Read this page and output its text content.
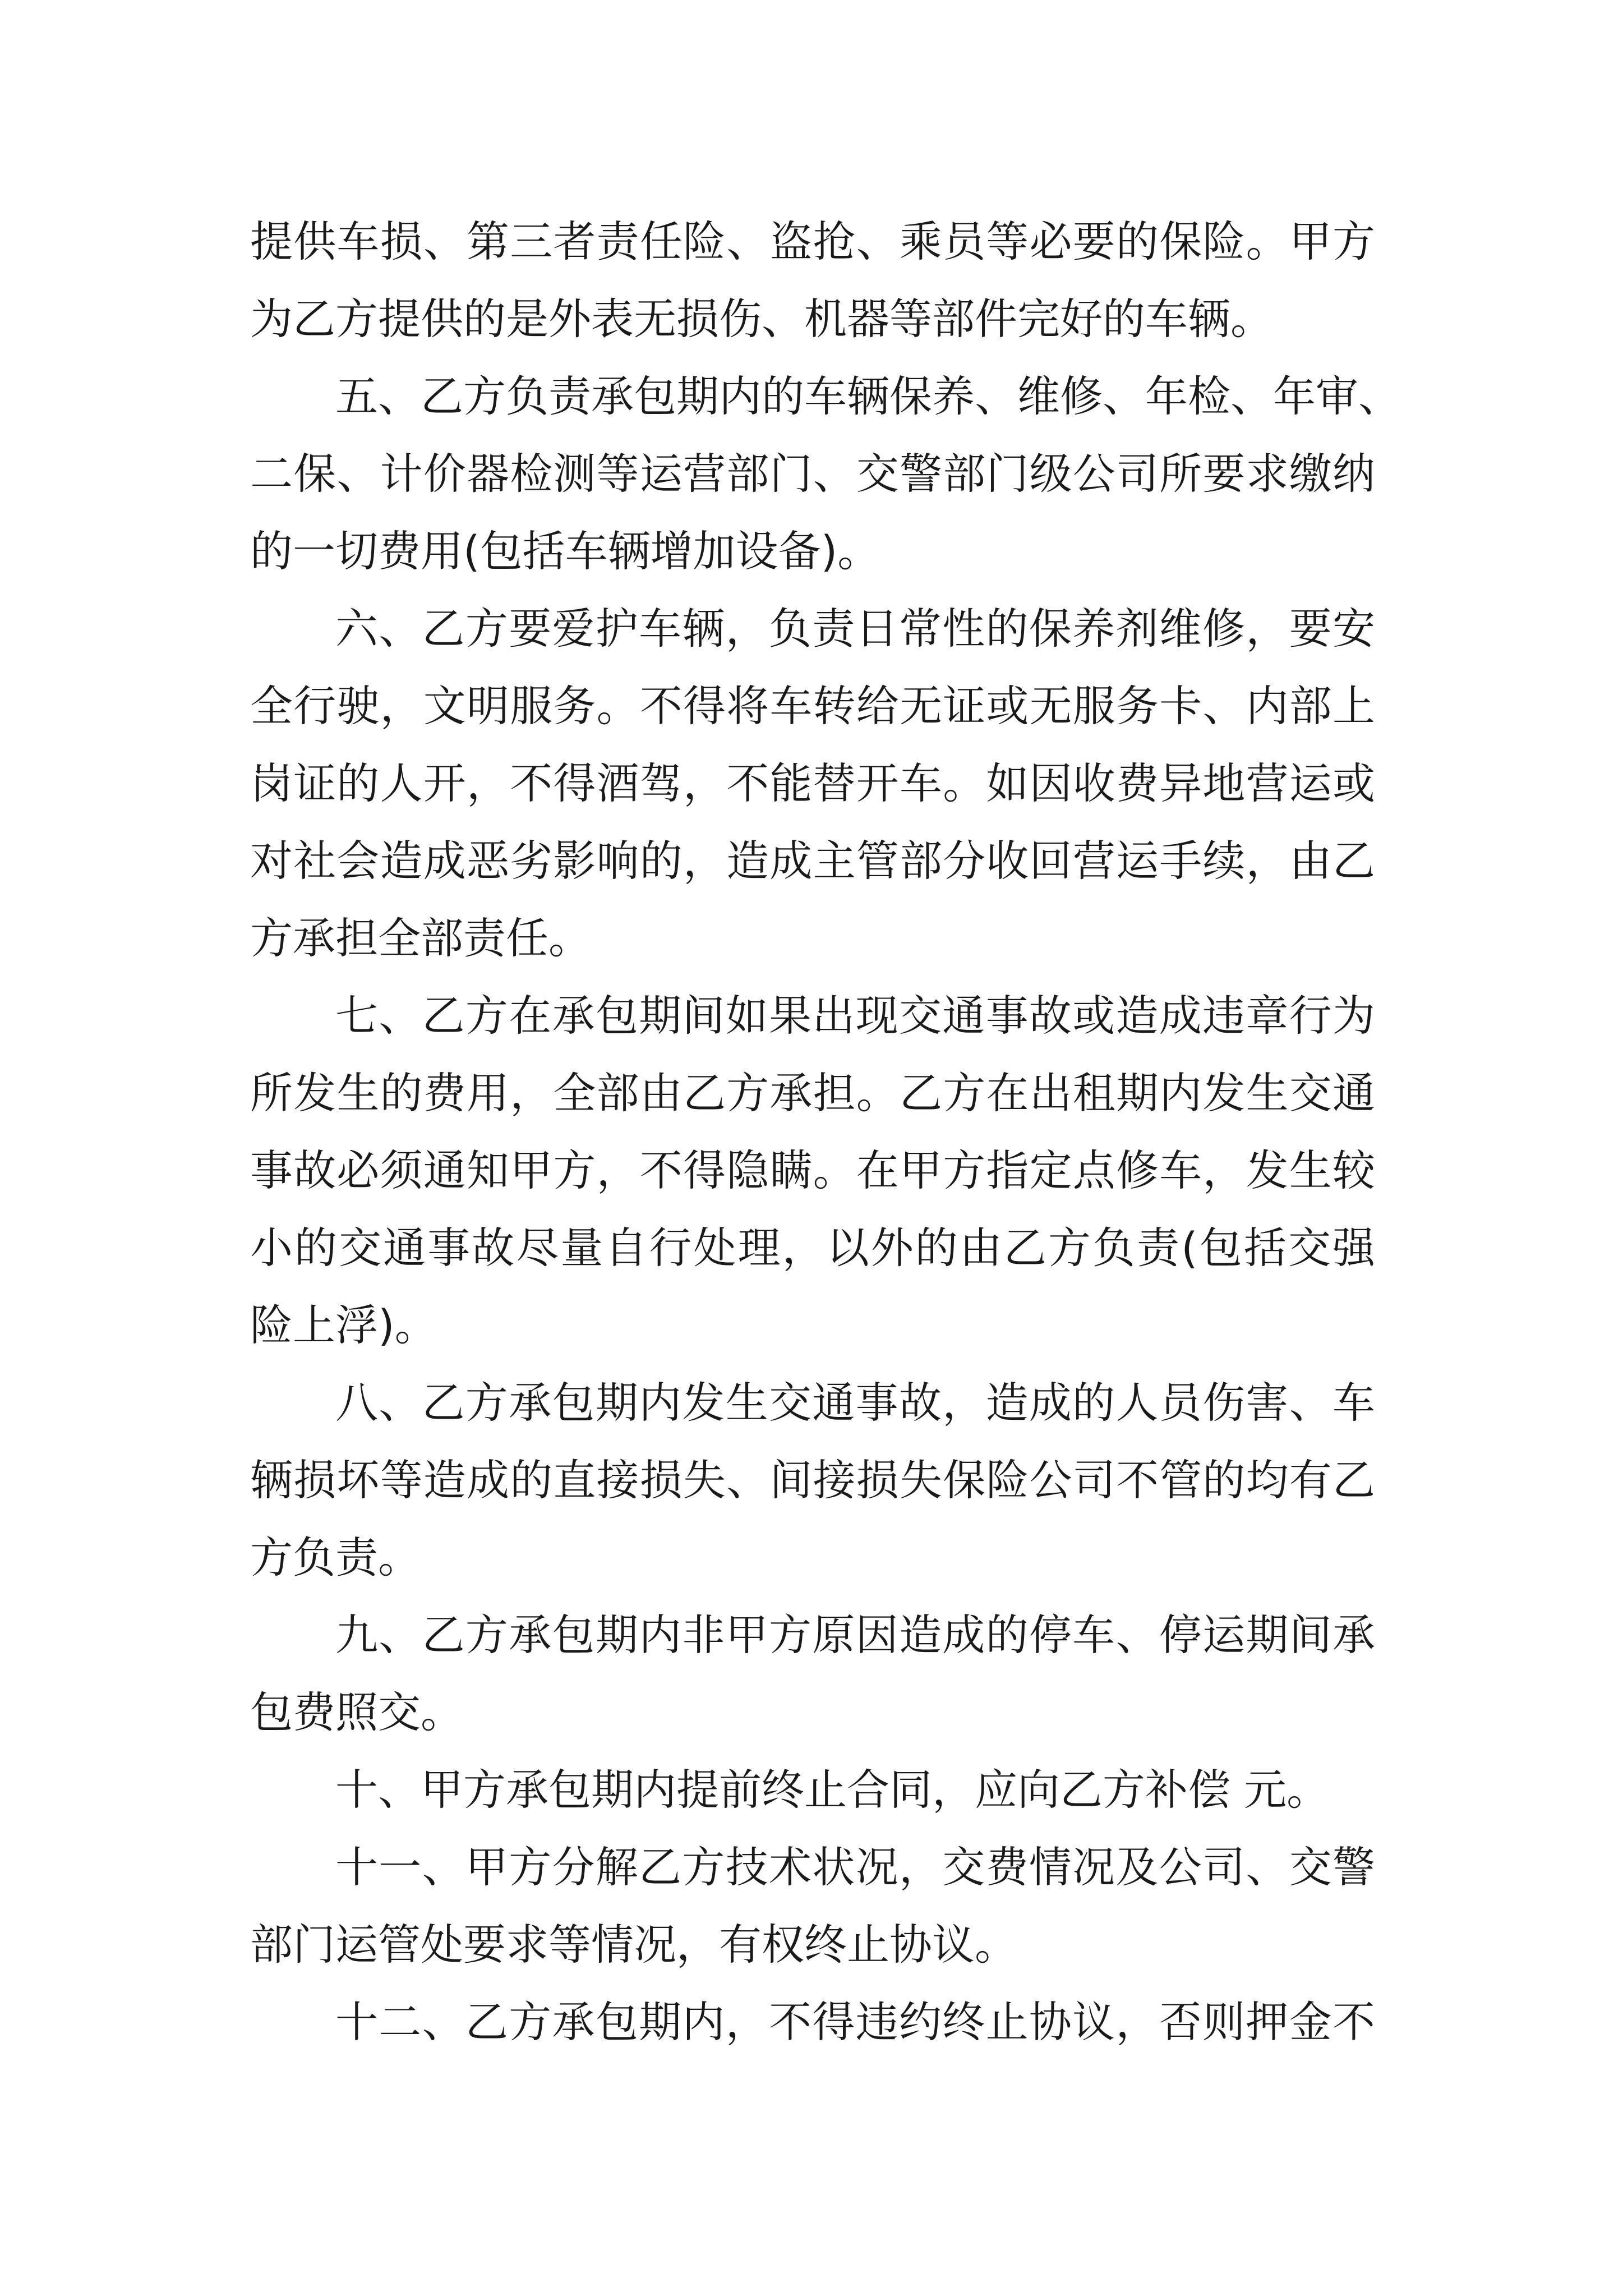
提供车损、第三者责任险、盗抢、乘员等必要的保险。甲方
为乙方提供的是外表无损伤、机器等部件完好的车辆。
五、乙方负责承包期内的车辆保养、维修、年检、年审、
二保、计价器检测等运营部门、交警部门级公司所要求缴纳
的一切费用(包括车辆增加设备)。
六、乙方要爱护车辆，负责日常性的保养剂维修，要安
全行驶，文明服务。不得将车转给无证或无服务卡、内部上
岗证的人开，不得酒驾，不能替开车。如因收费异地营运或
对社会造成恶劣影响的，造成主管部分收回营运手续，由乙
方承担全部责任。
七、乙方在承包期间如果出现交通事故或造成违章行为
所发生的费用，全部由乙方承担。乙方在出租期内发生交通
事故必须通知甲方，不得隐瞒。在甲方指定点修车，发生较
小的交通事故尽量自行处理，以外的由乙方负责(包括交强
险上浮)。
八、乙方承包期内发生交通事故，造成的人员伤害、车
辆损坏等造成的直接损失、间接损失保险公司不管的均有乙
方负责。
九、乙方承包期内非甲方原因造成的停车、停运期间承
包费照交。
十、甲方承包期内提前终止合同，应向乙方补偿 元。
十一、甲方分解乙方技术状况，交费情况及公司、交警
部门运管处要求等情况，有权终止协议。
十二、乙方承包期内，不得违约终止协议，否则押金不
